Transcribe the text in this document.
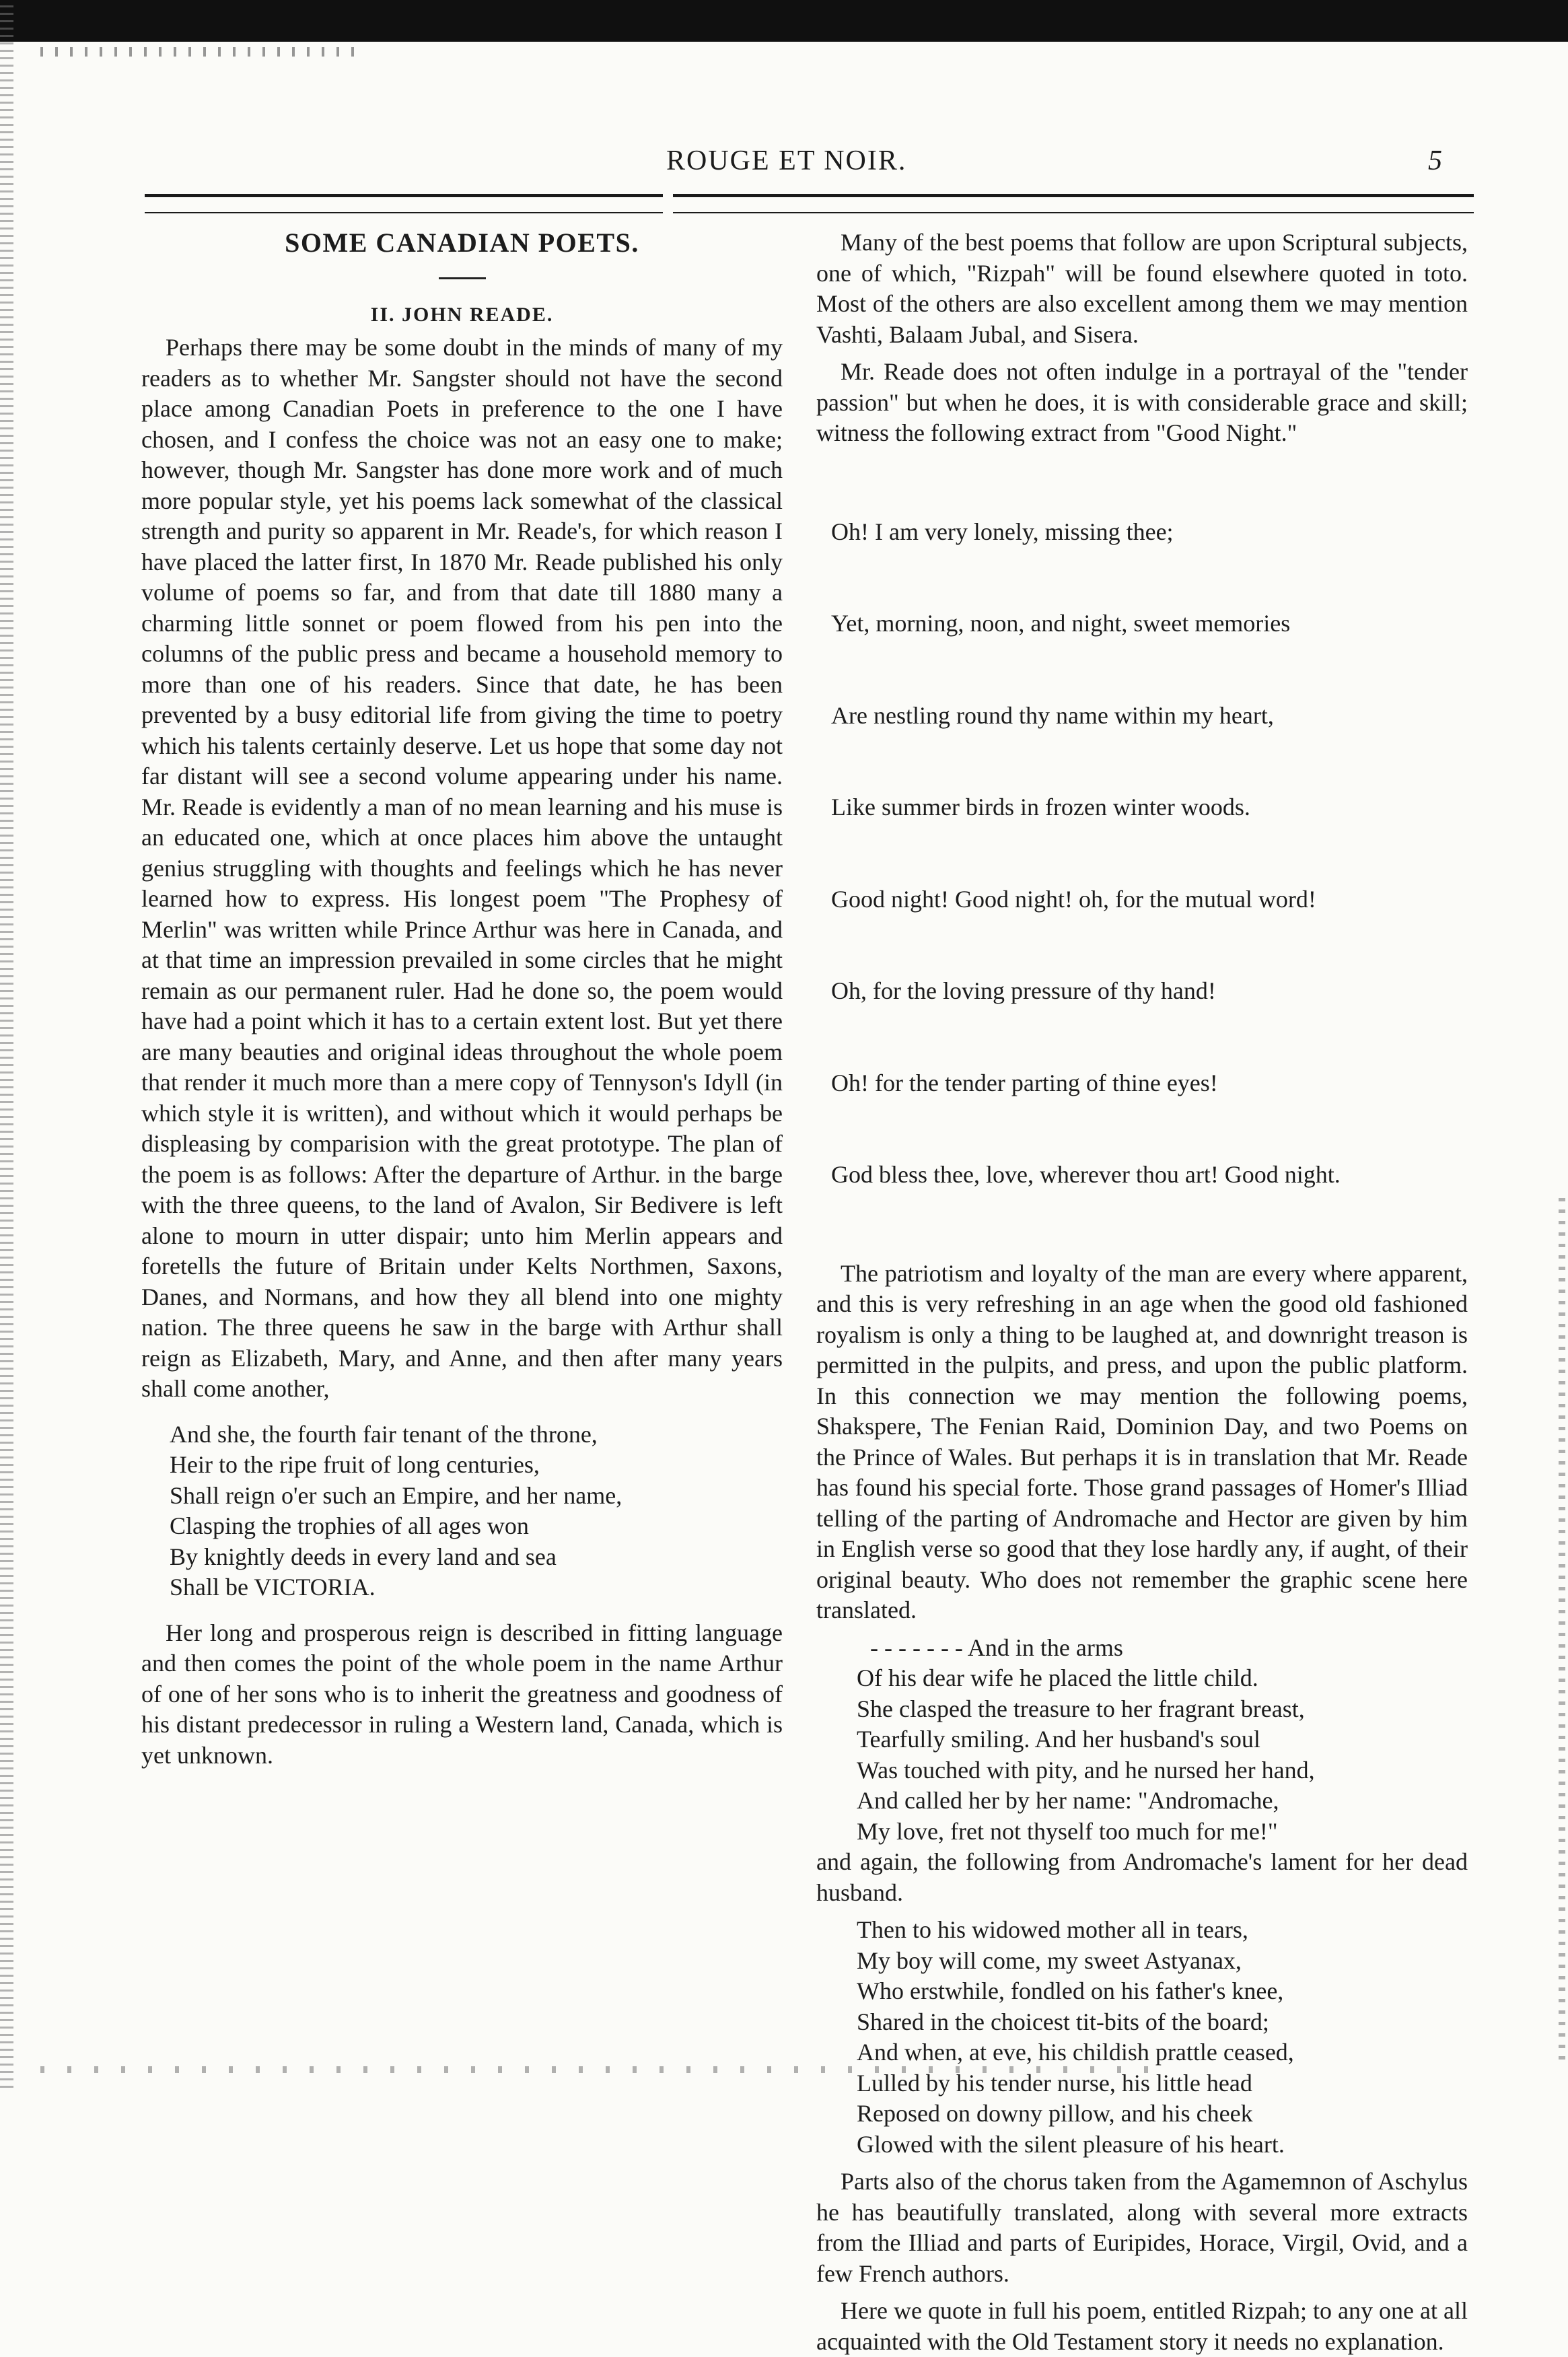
ROUGE ET NOIR.	5
SOME CANADIAN POETS.
II. JOHN READE.

Perhaps there may be some doubt in the minds of many of my readers as to whether Mr. Sangster should not have the second place among Canadian Poets in preference to the one I have chosen, and I confess the choice was not an easy one to make; however, though Mr. Sangster has done more work and of much more popular style, yet his poems lack somewhat of the classical strength and purity so apparent in Mr. Reade's, for which reason I have placed the latter first, In 1870 Mr. Reade published his only volume of poems so far, and from that date till 1880 many a charming little sonnet or poem flowed from his pen into the columns of the public press and became a household memory to more than one of his readers. Since that date, he has been prevented by a busy editorial life from giving the time to poetry which his talents certainly deserve. Let us hope that some day not far distant will see a second volume appearing under his name. Mr. Reade is evidently a man of no mean learning and his muse is an educated one, which at once places him above the untaught genius struggling with thoughts and feelings which he has never learned how to express. His longest poem "The Prophesy of Merlin" was written while Prince Arthur was here in Canada, and at that time an impression prevailed in some circles that he might remain as our permanent ruler. Had he done so, the poem would have had a point which it has to a certain extent lost. But yet there are many beauties and original ideas throughout the whole poem that render it much more than a mere copy of Tennyson's Idyll (in which style it is written), and without which it would perhaps be displeasing by comparision with the great prototype. The plan of the poem is as follows: After the departure of Arthur. in the barge with the three queens, to the land of Avalon, Sir Bedivere is left alone to mourn in utter dispair; unto him Merlin appears and foretells the future of Britain under Kelts Northmen, Saxons, Danes, and Normans, and how they all blend into one mighty nation. The three queens he saw in the barge with Arthur shall reign as Elizabeth, Mary, and Anne, and then after many years shall come another,

And she, the fourth fair tenant of the throne,
Heir to the ripe fruit of long centuries,
Shall reign o'er such an Empire, and her name,
Clasping the trophies of all ages won
By knightly deeds in every land and sea
Shall be VICTORIA.

Her long and prosperous reign is described in fitting language and then comes the point of the whole poem in the name Arthur of one of her sons who is to inherit the greatness and goodness of his distant predecessor in ruling a Western land, Canada, which is yet unknown.

Many of the best poems that follow are upon Scriptural subjects, one of which, "Rizpah" will be found elsewhere quoted in toto. Most of the others are also excellent among them we may mention Vashti, Balaam Jubal, and Sisera.

Mr. Reade does not often indulge in a portrayal of the "tender passion" but when he does, it is with considerable grace and skill; witness the following extract from "Good Night."

Oh! I am very lonely, missing thee;

Yet, morning, noon, and night, sweet memories

Are nestling round thy name within my heart,

Like summer birds in frozen winter woods.

Good night! Good night! oh, for the mutual word!

Oh, for the loving pressure of thy hand!

Oh! for the tender parting of thine eyes!

God bless thee, love, wherever thou art! Good night.

The patriotism and loyalty of the man are every where apparent, and this is very refreshing in an age when the good old fashioned royalism is only a thing to be laughed at, and downright treason is permitted in the pulpits, and press, and upon the public platform. In this connection we may mention the following poems, Shakspere, The Fenian Raid, Dominion Day, and two Poems on the Prince of Wales. But perhaps it is in translation that Mr. Reade has found his special forte. Those grand passages of Homer's Illiad telling of the parting of Andromache and Hector are given by him in English verse so good that they lose hardly any, if aught, of their original beauty. Who does not remember the graphic scene here translated.

- - - - - - - And in the arms
Of his dear wife he placed the little child.
She clasped the treasure to her fragrant breast,
Tearfully smiling. And her husband's soul
Was touched with pity, and he nursed her hand,
And called her by her name: "Andromache,
My love, fret not thyself too much for me!"

and again, the following from Andromache's lament for her dead husband.

Then to his widowed mother all in tears,
My boy will come, my sweet Astyanax,
Who erstwhile, fondled on his father's knee,
Shared in the choicest tit-bits of the board;
And when, at eve, his childish prattle ceased,
Lulled by his tender nurse, his little head
Reposed on downy pillow, and his cheek
Glowed with the silent pleasure of his heart.

Parts also of the chorus taken from the Agamemnon of Aschylus he has beautifully translated, along with several more extracts from the Illiad and parts of Euripides, Horace, Virgil, Ovid, and a few French authors.

Here we quote in full his poem, entitled Rizpah; to any one at all acquainted with the Old Testament story it needs no explanation.
